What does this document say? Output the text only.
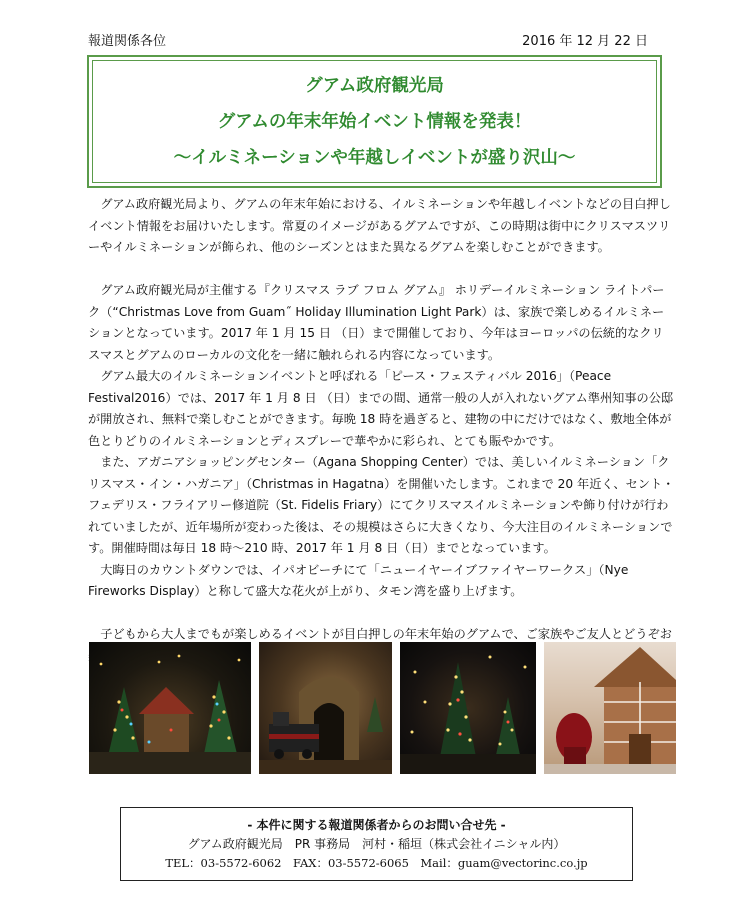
報道関係各位	2016 年 12 月 22 日
グアム政府観光局
グアムの年末年始イベント情報を発表！
〜イルミネーションや年越しイベントが盛り沢山〜

グアム政府観光局より、グアムの年末年始における、イルミネーションや年越しイベントなどの目白押しイベント情報をお届けいたします。常夏のイメージがあるグアムですが、この時期は街中にクリスマスツリーやイルミネーションが飾られ、他のシーズンとはまた異なるグアムを楽しむことができます。

グアム政府観光局が主催する『クリスマス ラブ フロム グアム』 ホリデーイルミネーション ライトパーク（“Christmas Love from Guam˝ Holiday Illumination Light Park）は、家族で楽しめるイルミネーションとなっています。2017 年 1 月 15 日 （日）まで開催しており、今年はヨーロッパの伝統的なクリスマスとグアムのローカルの文化を一緒に触れられる内容になっています。

グアム最大のイルミネーションイベントと呼ばれる「ピース・フェスティバル 2016」（Peace Festival2016）では、2017 年 1 月 8 日 （日）までの間、通常一般の人が入れないグアム準州知事の公邸が開放され、無料で楽しむことができます。毎晩 18 時を過ぎると、建物の中にだけではなく、敷地全体が色とりどりのイルミネーションとディスプレーで華やかに彩られ、とても賑やかです。

また、アガニアショッピングセンター（Agana Shopping Center）では、美しいイルミネーション「クリスマス・イン・ハガニア」（Christmas in Hagatna）を開催いたします。これまで 20 年近く、セント・フェデリス・フライアリー修道院（St. Fidelis Friary）にてクリスマスイルミネーションや飾り付けが行われていましたが、近年場所が変わった後は、その規模はさらに大きくなり、今大注目のイルミネーションです。開催時間は毎日 18 時〜210 時、2017 年 1 月 8 日（日）までとなっています。

大晦日のカウントダウンでは、イパオビーチにて「ニューイヤーイブファイヤーワークス」（Nye Fireworks Display）と称して盛大な花火が上がり、タモン湾を盛り上げます。

子どもから大人までもが楽しめるイベントが目白押しの年末年始のグアムで、ご家族やご友人とどうぞお

- 本件に関する報道関係者からのお問い合せ先 -
グアム政府観光局　PR 事務局　河村・稲垣（株式会社イニシャル内）
TEL：03-5572-6062　FAX：03-5572-6065　Mail：guam@vectorinc.co.jp
